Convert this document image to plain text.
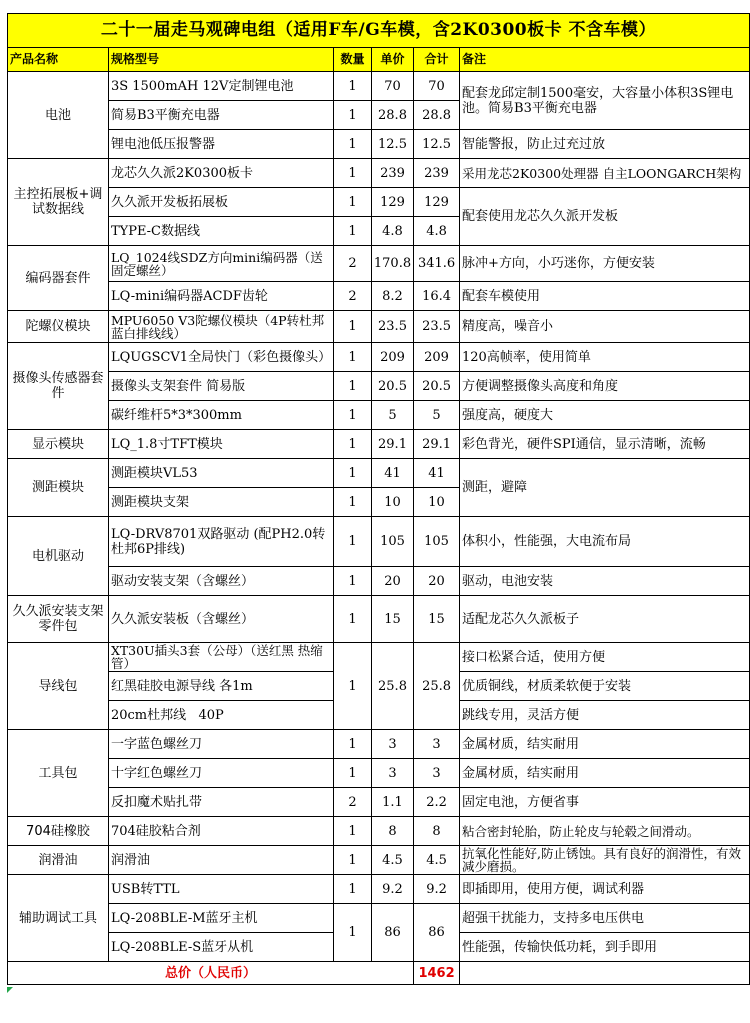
二十一届走马观碑电组（适用F车/G车模，含2K0300板卡 不含车模）					
产品名称	规格型号	数量	单价	合计	备注
电池	3S 1500mAH 12V定制锂电池	1	70	70	配套龙邱定制1500毫安，大容量小体积3S锂电池。简易B3平衡充电器
	简易B3平衡充电器	1	28.8	28.8	
	锂电池低压报警器	1	12.5	12.5	智能警报，防止过充过放
主控拓展板+调试数据线	龙芯久久派2K0300板卡	1	239	239	采用龙芯2K0300处理器 自主LOONGARCH架构
	久久派开发板拓展板	1	129	129	配套使用龙芯久久派开发板
	TYPE-C数据线	1	4.8	4.8	
编码器套件	LQ_1024线SDZ方向mini编码器（送固定螺丝）	2	170.8	341.6	脉冲+方向，小巧迷你，方便安装
	LQ-mini编码器ACDF齿轮	2	8.2	16.4	配套车模使用
陀螺仪模块	MPU6050 V3陀螺仪模块（4P转杜邦蓝白排线线）	1	23.5	23.5	精度高，噪音小
摄像头传感器套件	LQUGSCV1全局快门（彩色摄像头）	1	209	209	120高帧率，使用简单
	摄像头支架套件 简易版	1	20.5	20.5	方便调整摄像头高度和角度
	碳纤维杆5*3*300mm	1	5	5	强度高，硬度大
显示模块	LQ_1.8寸TFT模块	1	29.1	29.1	彩色背光，硬件SPI通信，显示清晰，流畅
测距模块	测距模块VL53	1	41	41	测距，避障
	测距模块支架	1	10	10	
电机驱动	LQ-DRV8701双路驱动 (配PH2.0转杜邦6P排线)	1	105	105	体积小，性能强，大电流布局
	驱动安装支架（含螺丝）	1	20	20	驱动，电池安装
久久派安装支架零件包	久久派安装板（含螺丝）	1	15	15	适配龙芯久久派板子
导线包	XT30U插头3套（公母）（送红黑 热缩管）	1	25.8	25.8	接口松紧合适，使用方便
	红黑硅胶电源导线 各1m				优质铜线，材质柔软便于安装
	20cm杜邦线   40P				跳线专用，灵活方便
工具包	一字蓝色螺丝刀	1	3	3	金属材质，结实耐用
	十字红色螺丝刀	1	3	3	金属材质，结实耐用
	反扣魔术贴扎带	2	1.1	2.2	固定电池，方便省事
704硅橡胶	704硅胶粘合剂	1	8	8	粘合密封轮胎，防止轮皮与轮毂之间滑动。
润滑油	润滑油	1	4.5	4.5	抗氧化性能好,防止锈蚀。具有良好的润滑性，有效减少磨损。
辅助调试工具	USB转TTL	1	9.2	9.2	即插即用，使用方便，调试利器
	LQ-208BLE-M蓝牙主机	1	86	86	超强干扰能力，支持多电压供电
	LQ-208BLE-S蓝牙从机				性能强，传输快低功耗，到手即用
总价（人民币）				1462	
